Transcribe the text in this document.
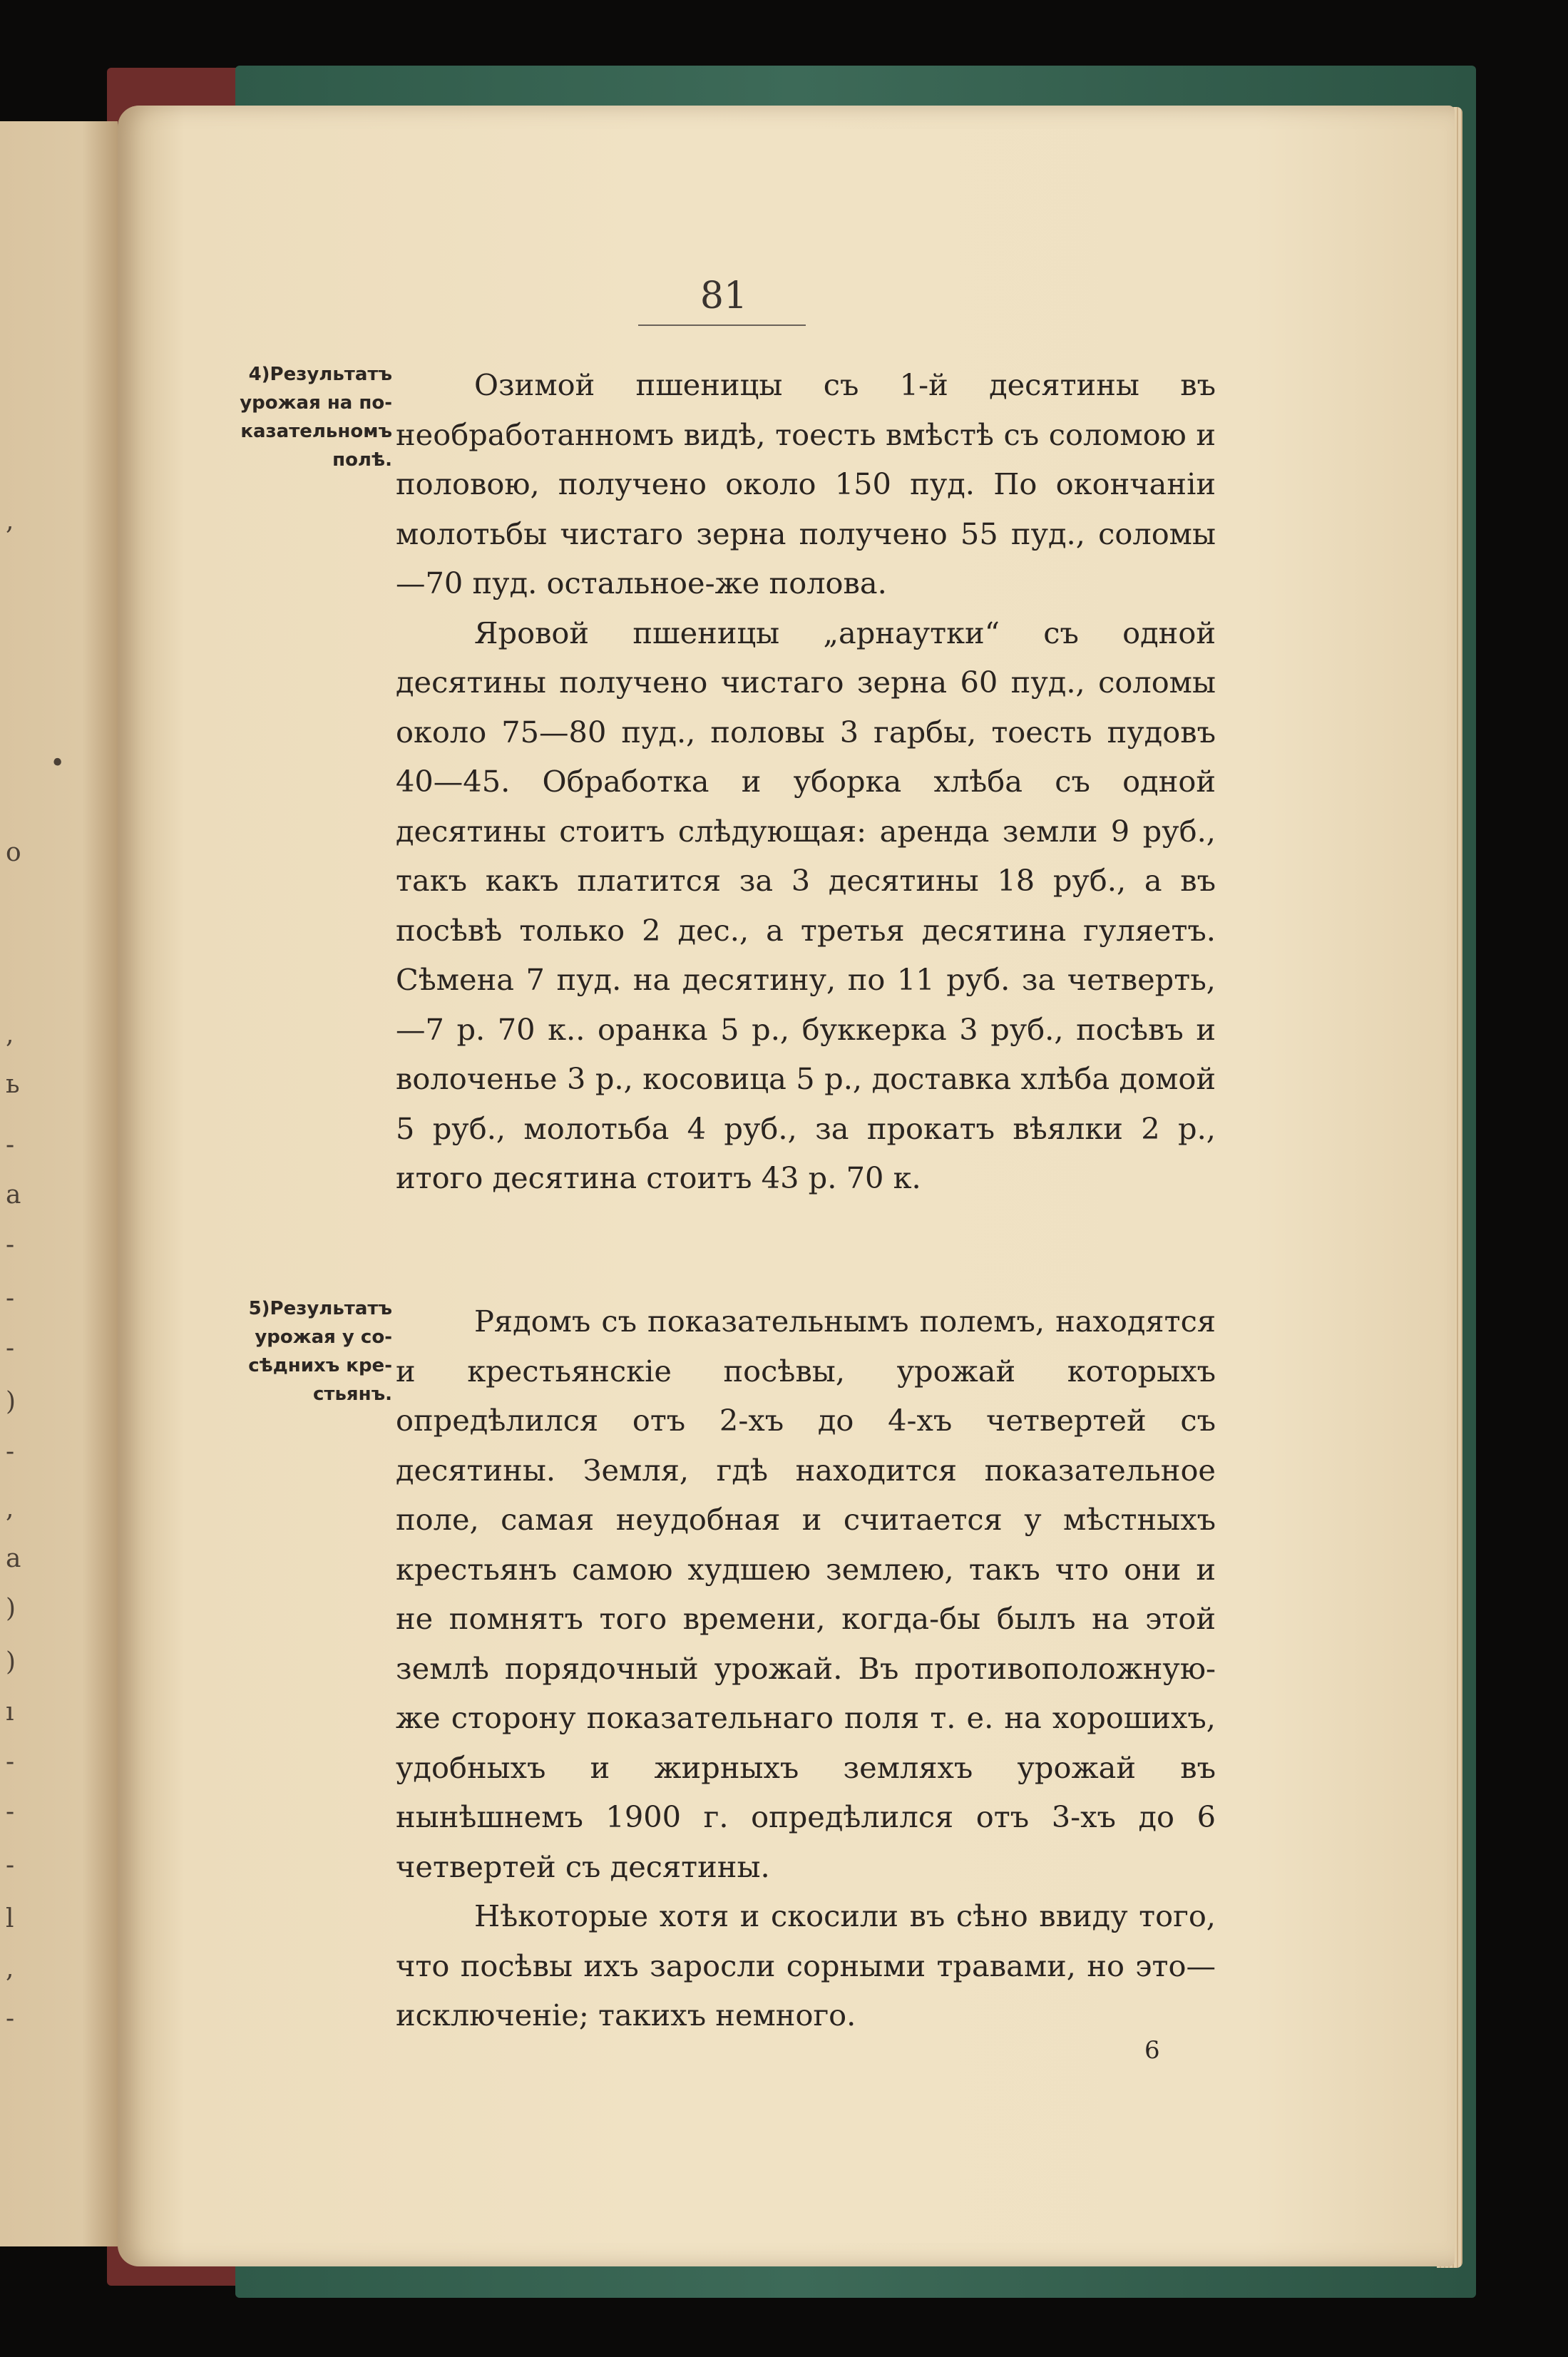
,
•
o
,
ь
-
a
-
-
-
)
-
,
a
)
)
ı
-
-
-
l
,
-
81
4)Результатъ
урожая на по-
казательномъ
полѣ.

Озимой пшеницы съ 1-й десятины въ необработанномъ видѣ, тоесть вмѣстѣ съ соломою и половою, получено около 150 пуд. По окончанiи молотьбы чистаго зерна получено 55 пуд., соломы—70 пуд. остальное-же полова.

Яровой пшеницы „арнаутки“ съ одной десятины получено чистаго зерна 60 пуд., соломы около 75—80 пуд., половы 3 гарбы, тоесть пудовъ 40—45. Обработка и уборка хлѣба съ одной десятины стоитъ слѣдующая: аренда земли 9 руб., такъ какъ платится за 3 десятины 18 руб., а въ посѣвѣ только 2 дес., а третья десятина гуляетъ. Сѣмена 7 пуд. на десятину, по 11 руб. за четверть,—7 р. 70 к.. оранка 5 р., буккерка 3 руб., посѣвъ и волоченье 3 р., косовица 5 р., доставка хлѣба домой 5 руб., молотьба 4 руб., за прокатъ вѣялки 2 р., итого десятина стоитъ 43 р. 70 к.

5)Результатъ
урожая у со-
сѣднихъ кре-
стьянъ.

Рядомъ съ показательнымъ полемъ, находятся и крестьянскiе посѣвы, урожай которыхъ опредѣлился отъ 2-хъ до 4-хъ четвертей съ десятины. Земля, гдѣ находится показательное поле, самая неудобная и считается у мѣстныхъ крестьянъ самою худшею землею, такъ что они и не помнятъ того времени, когда-бы былъ на этой землѣ порядочный урожай. Въ противоположную-же сторону показательнаго поля т. е. на хорошихъ, удобныхъ и жирныхъ земляхъ урожай въ нынѣшнемъ 1900 г. опредѣлился отъ 3-хъ до 6 четвертей съ десятины.

Нѣкоторые хотя и скосили въ сѣно ввиду того, что посѣвы ихъ заросли сорными травами, но это—исключенiе; такихъ немного.

6
